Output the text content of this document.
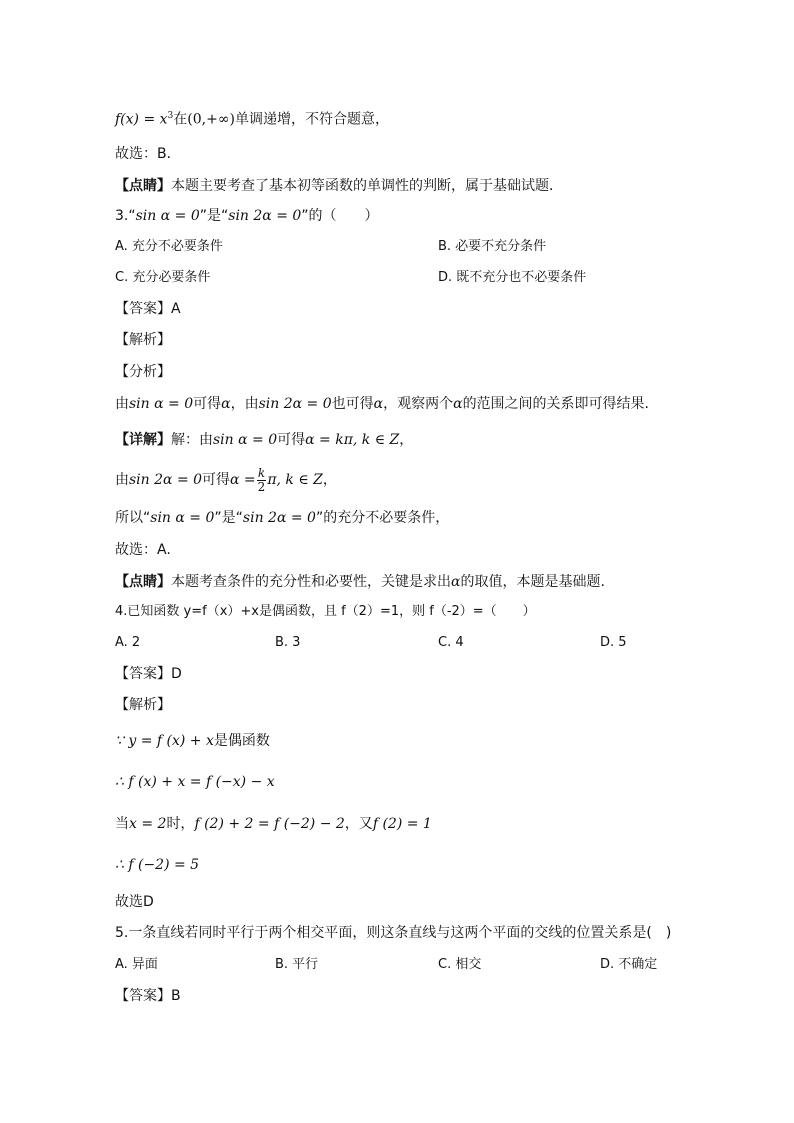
$f(x) = x^3$在(0,+∞)单调递增，不符合题意，
故选：B．
【点睛】本题主要考查了基本初等函数的单调性的判断，属于基础试题．
3.“sin α = 0”是“sin 2α = 0”的（　　）
A. 充分不必要条件	B. 必要不充分条件
C. 充分必要条件	D. 既不充分也不必要条件
【答案】A
【解析】
【分析】
由sin α = 0可得α，由sin 2α = 0也可得α，观察两个α的范围之间的关系即可得结果.
【详解】解：由sin α = 0可得α = kπ, k ∈ Z，
由sin 2α = 0可得$\alpha = \frac{k}{2} \pi$, k ∈ Z，
所以“sin α = 0”是“sin 2α = 0”的充分不必要条件，
故选：A.
【点睛】本题考查条件的充分性和必要性，关键是求出α的取值，本题是基础题.
4.已知函数 y=f（x）+x是偶函数，且 f（2）=1，则 f（-2）=（　　）
A. 2	B. 3	C. 4	D. 5
【答案】D
【解析】
∵ y = f (x) + x是偶函数
∴ f (x) + x = f (−x) − x
当x = 2时，f (2) + 2 = f (−2) − 2，又f (2) = 1
∴ f (−2) = 5
故选D
5.一条直线若同时平行于两个相交平面，则这条直线与这两个平面的交线的位置关系是(　)
A. 异面	B. 平行	C. 相交	D. 不确定
【答案】B
